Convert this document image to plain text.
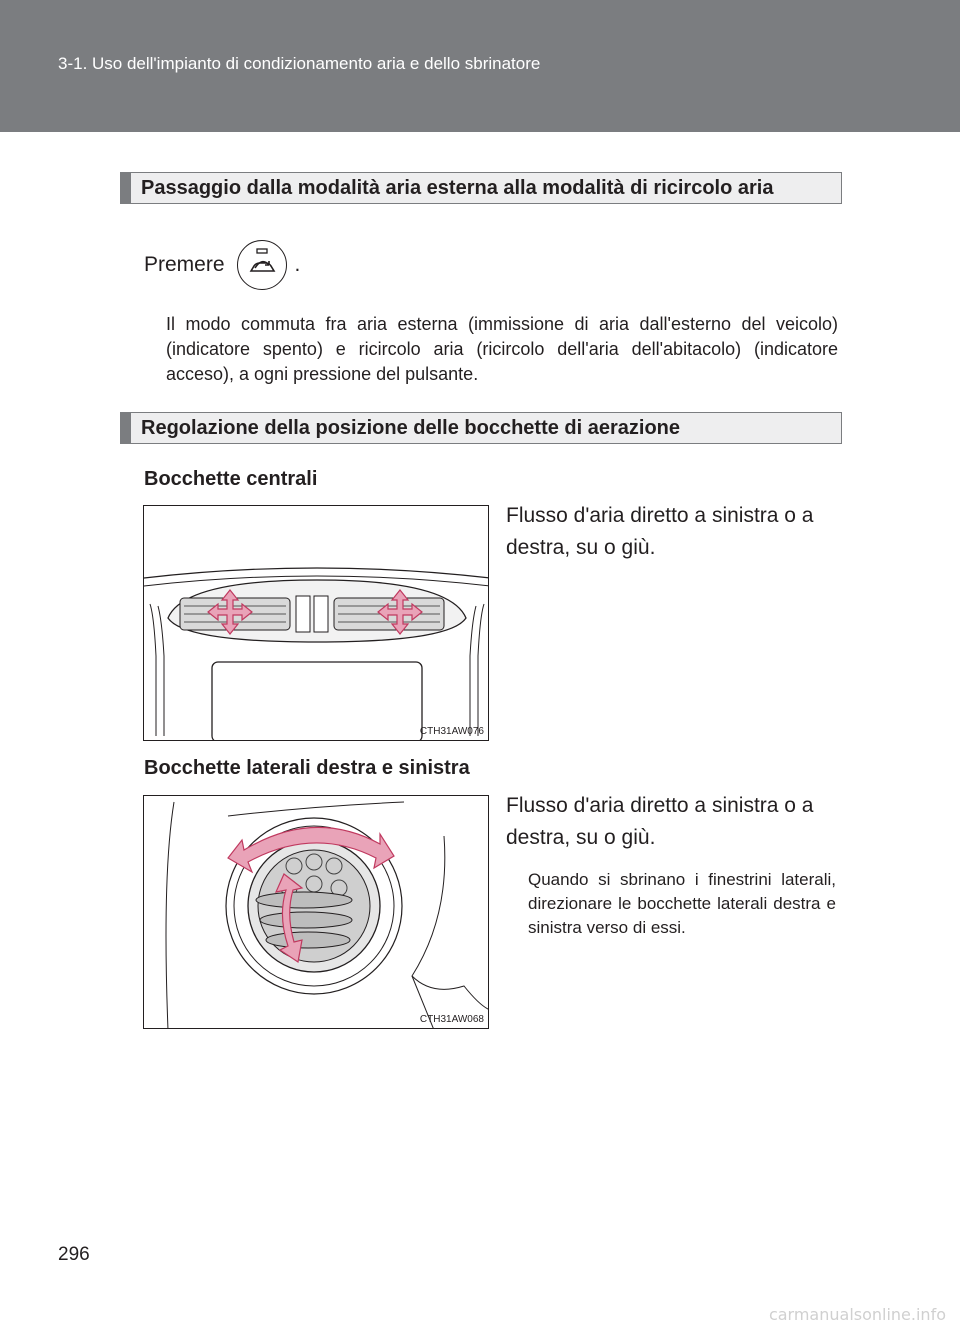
3-1. Uso dell'impianto di condizionamento aria e dello sbrinatore
Passaggio dalla modalità aria esterna alla modalità di ricircolo aria
Premere	.
Il modo commuta fra aria esterna (immissione di aria dall'esterno del veicolo) (indicatore spento) e ricircolo aria (ricircolo dell'aria dell'abitacolo) (indicatore acceso), a ogni pressione del pulsante.
Regolazione della posizione delle bocchette di aerazione
Bocchette centrali
CTH31AW076
Flusso d'aria diretto a sinistra o a destra, su o giù.
Bocchette laterali destra e sinistra
CTH31AW068
Flusso d'aria diretto a sinistra o a destra, su o giù.
Quando si sbrinano i finestrini laterali, direzionare le bocchette laterali destra e sinistra verso di essi.
296
carmanualsonline.info
